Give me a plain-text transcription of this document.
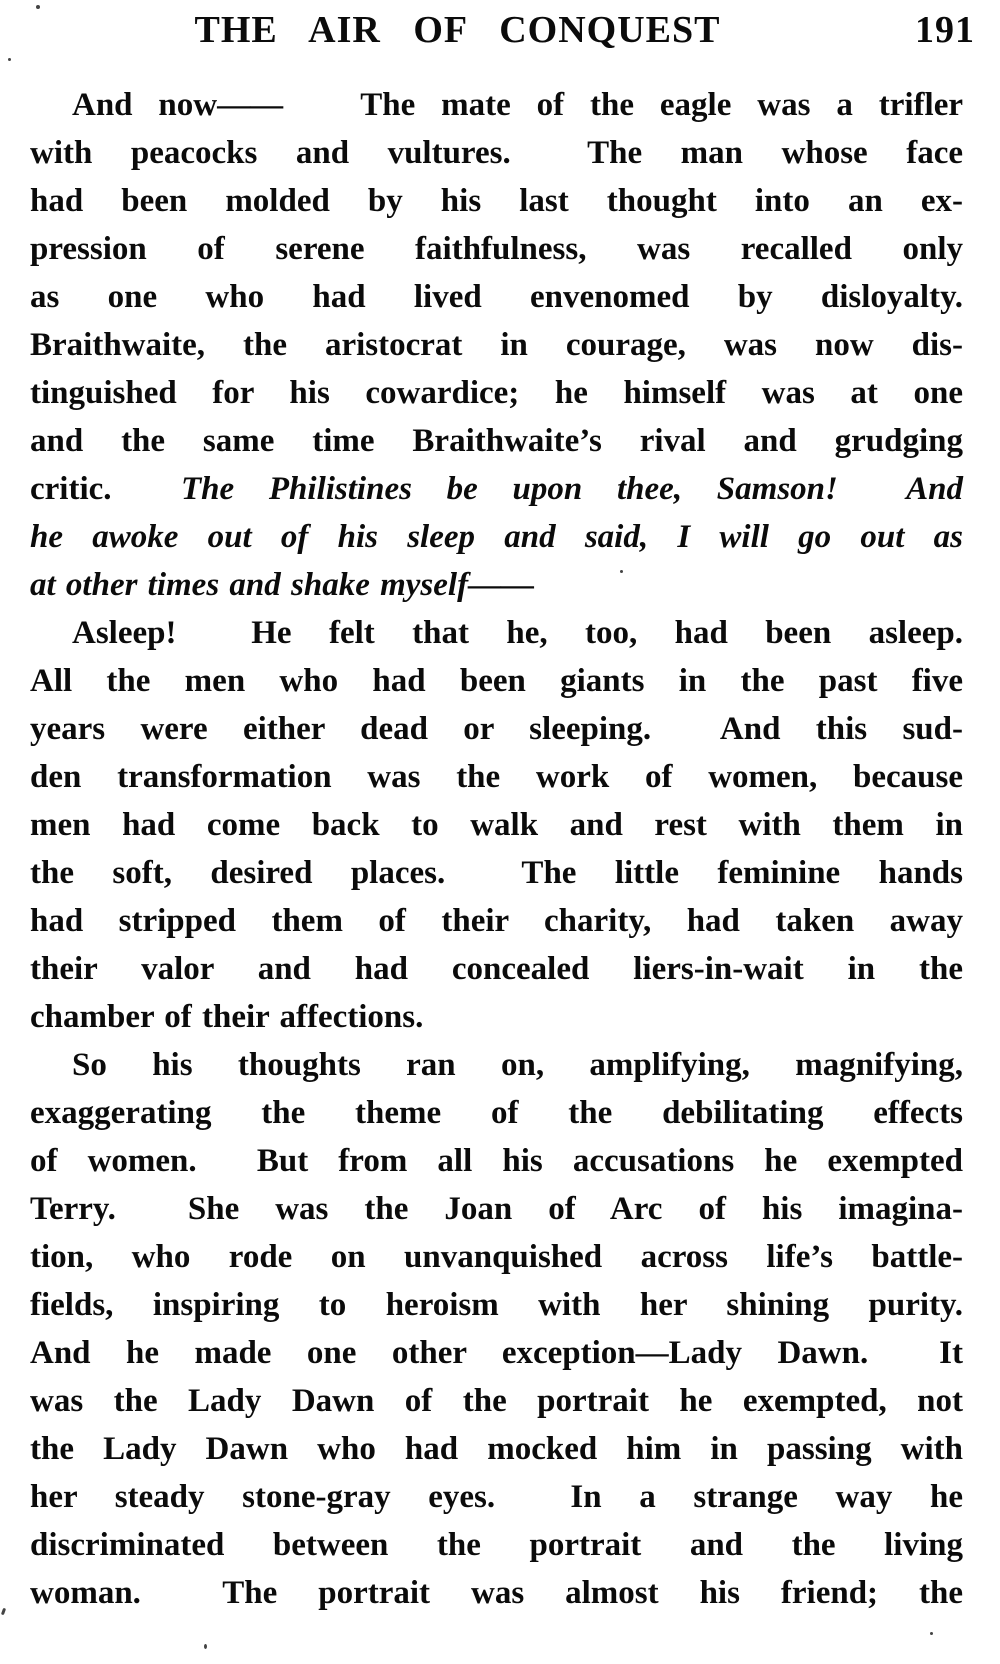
THE AIR OF CONQUEST	191
And now——   The mate of the eagle was a trifler
with peacocks and vultures.  The man whose face
had been molded by his last thought into an ex-
pression of serene faithfulness, was recalled only
as one who had lived envenomed by disloyalty.
Braithwaite, the aristocrat in courage, was now dis-
tinguished for his cowardice; he himself was at one
and the same time Braithwaite’s rival and grudging
critic.  The Philistines be upon thee, Samson!  And
he awoke out of his sleep and said, I will go out as
at other times and shake myself——
Asleep!  He felt that he, too, had been asleep.
All the men who had been giants in the past five
years were either dead or sleeping.  And this sud-
den transformation was the work of women, because
men had come back to walk and rest with them in
the soft, desired places.  The little feminine hands
had stripped them of their charity, had taken away
their valor and had concealed liers-in-wait in the
chamber of their affections.
So his thoughts ran on, amplifying, magnifying,
exaggerating the theme of the debilitating effects
of women.  But from all his accusations he exempted
Terry.  She was the Joan of Arc of his imagina-
tion, who rode on unvanquished across life’s battle-
fields, inspiring to heroism with her shining purity.
And he made one other exception—Lady Dawn.  It
was the Lady Dawn of the portrait he exempted, not
the Lady Dawn who had mocked him in passing with
her steady stone-gray eyes.  In a strange way he
discriminated between the portrait and the living
woman.  The portrait was almost his friend; the
